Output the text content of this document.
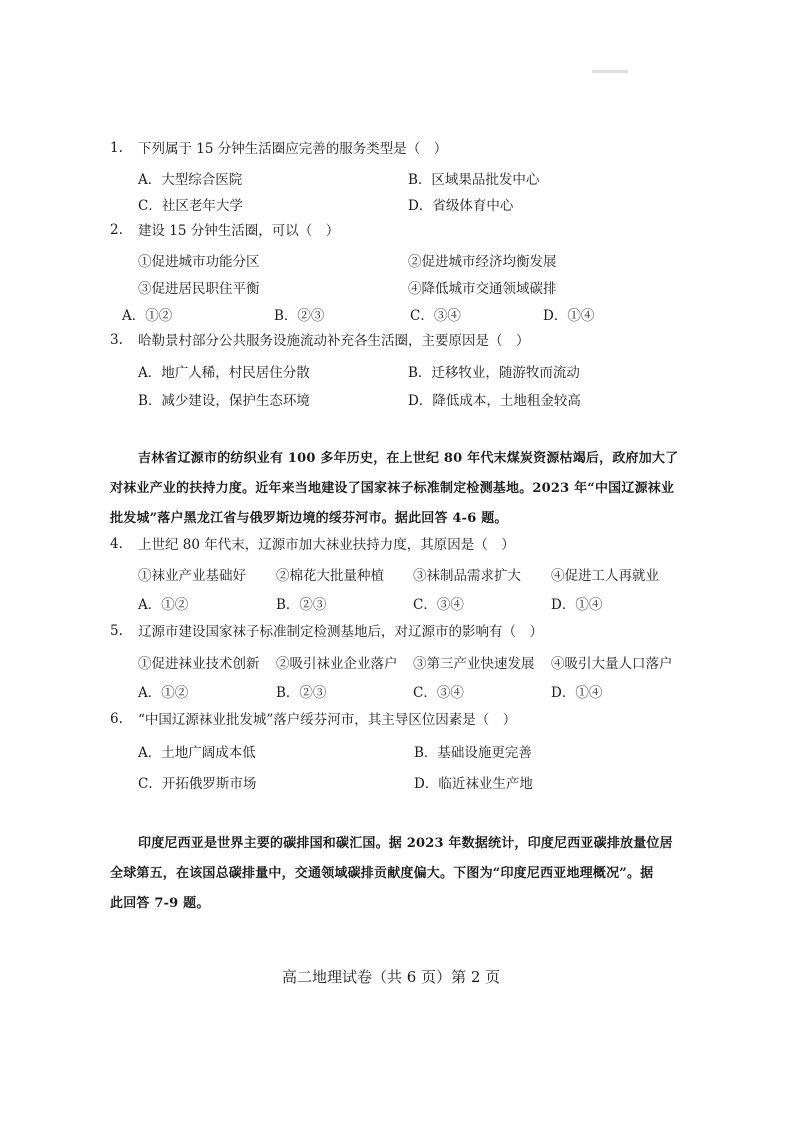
1. 下列属于 15 分钟生活圈应完善的服务类型是（　）
A．大型综合医院	B．区域果品批发中心
C．社区老年大学	D．省级体育中心
2. 建设 15 分钟生活圈，可以（　）
①促进城市功能分区	②促进城市经济均衡发展
③促进居民职住平衡	④降低城市交通领域碳排
A．①②	B．②③	C．③④	D．①④
3. 哈勒景村部分公共服务设施流动补充各生活圈，主要原因是（　）
A．地广人稀，村民居住分散	B．迁移牧业，随游牧而流动
B．减少建设，保护生态环境	D．降低成本，土地租金较高
吉林省辽源市的纺织业有 100 多年历史，在上世纪 80 年代末煤炭资源枯竭后，政府加大了
对袜业产业的扶持力度。近年来当地建设了国家袜子标准制定检测基地。2023 年“中国辽源袜业
批发城”落户黑龙江省与俄罗斯边境的绥芬河市。据此回答 4-6 题。
4. 上世纪 80 年代末，辽源市加大袜业扶持力度，其原因是（　）
①袜业产业基础好 ②棉花大批量种植 ③袜制品需求扩大 ④促进工人再就业
A．①②	B．②③	C．③④	D．①④
5. 辽源市建设国家袜子标准制定检测基地后，对辽源市的影响有（　）
①促进袜业技术创新 ②吸引袜业企业落户 ③第三产业快速发展 ④吸引大量人口落户
A．①②	B．②③	C．③④	D．①④
6. “中国辽源袜业批发城”落户绥芬河市，其主导区位因素是（　）
A．土地广阔成本低	B．基础设施更完善
C．开拓俄罗斯市场	D．临近袜业生产地
印度尼西亚是世界主要的碳排国和碳汇国。据 2023 年数据统计，印度尼西亚碳排放量位居
全球第五，在该国总碳排量中，交通领域碳排贡献度偏大。下图为“印度尼西亚地理概况”。据
此回答 7-9 题。
高二地理试卷（共 6 页）第 2 页
